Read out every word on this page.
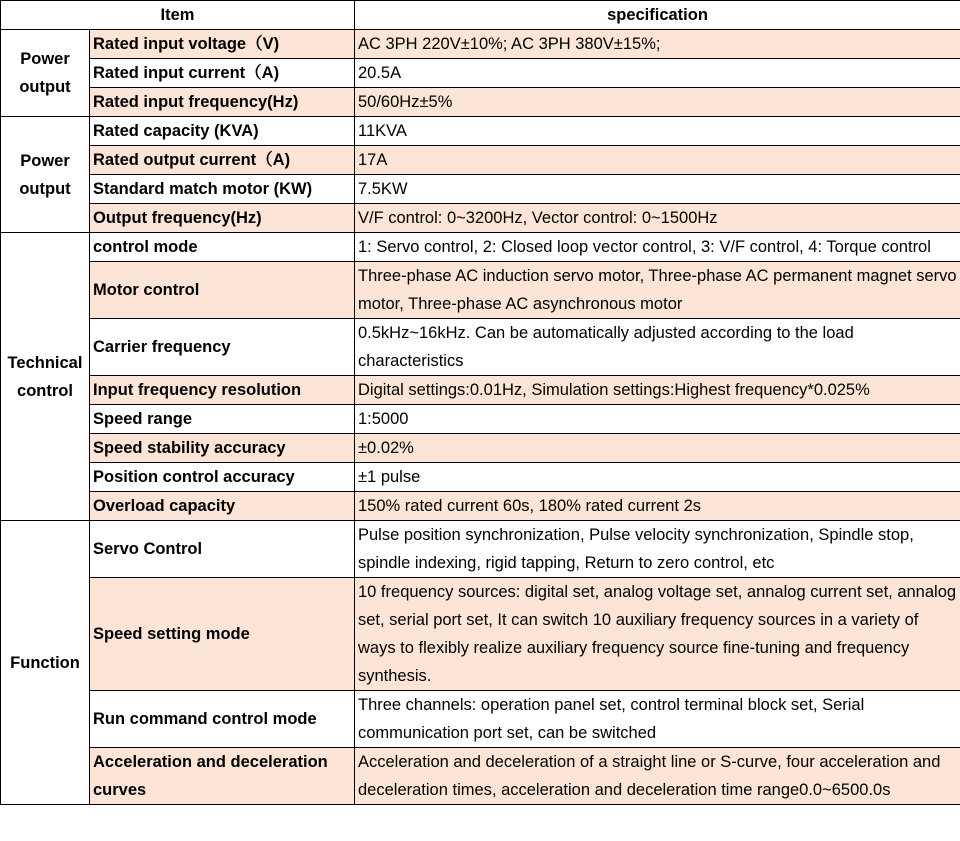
Item		specification
Power output	Rated input voltage（V)	AC 3PH 220V±10%; AC 3PH 380V±15%;
	Rated input current（A)	20.5A
	Rated input frequency(Hz)	50/60Hz±5%
Power output	Rated capacity (KVA)	11KVA
	Rated output current（A)	17A
	Standard match motor (KW)	7.5KW
	Output frequency(Hz)	V/F control: 0~3200Hz, Vector control: 0~1500Hz
Technical control	control mode	1: Servo control, 2: Closed loop vector control, 3: V/F control, 4: Torque control
	Motor control	Three-phase AC induction servo motor, Three-phase AC permanent magnet servo motor, Three-phase AC asynchronous motor
	Carrier frequency	0.5kHz~16kHz. Can be automatically adjusted according to the load characteristics
	Input frequency resolution	Digital settings:0.01Hz, Simulation settings:Highest frequency*0.025%
	Speed range	1:5000
	Speed stability accuracy	±0.02%
	Position control accuracy	±1 pulse
	Overload capacity	150% rated current 60s, 180% rated current 2s
Function	Servo Control	Pulse position synchronization, Pulse velocity synchronization, Spindle stop, spindle indexing, rigid tapping, Return to zero control, etc
	Speed setting mode	10 frequency sources: digital set, analog voltage set, annalog current set, annalog set, serial port set, It can switch 10 auxiliary frequency sources in a variety of ways to flexibly realize auxiliary frequency source fine-tuning and frequency synthesis.
	Run command control mode	Three channels: operation panel set, control terminal block set, Serial communication port set, can be switched
	Acceleration and deceleration curves	Acceleration and deceleration of a straight line or S-curve, four acceleration and deceleration times, acceleration and deceleration time range0.0~6500.0s
